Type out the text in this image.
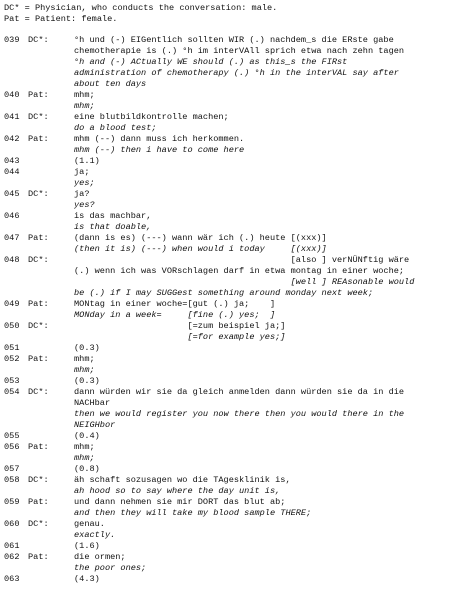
DC* = Physician, who conducts the conversation: male.
Pat = Patient: female.
039 DC*:	°h und (-) EIGentlich sollten WIR (.) nachdem_s die ERste gabe
chemotherapie is (.) °h im interVAll sprich etwa nach zehn tagen
°h and (-) ACtually WE should (.) as this_s the FIRst
administration of chemotherapy (.) °h in the interVAL say after
about ten days
040 Pat:	mhm;
mhm;
041 DC*:	eine blutbildkontrolle machen;
do a blood test;
042 Pat:	mhm (--) dann muss ich herkommen.
mhm (--) then i have to come here
043	(1.1)
044	ja;
yes;
045 DC*:	ja?
yes?
046	is das machbar,
is that doable,
047 Pat:	(dann is es) (---) wann wär ich (.) heute [(xxx)]
(then it is) (---) when would i today     [(xxx)]
048 DC*:	[also ] verNÜNftig wäre
(.) wenn ich was VORschlagen darf in etwa montag in einer woche;
[well ] REAsonable would
be (.) if I may SUGGest something around monday next week;
049 Pat:	MONtag in einer woche=[gut (.) ja;    ]
MONday in a week=     [fine (.) yes;  ]
050 DC*:	[=zum beispiel ja;]
[=for example yes;]
051	(0.3)
052 Pat:	mhm;
mhm;
053	(0.3)
054 DC*:	dann würden wir sie da gleich anmelden dann würden sie da in die
NACHbar
then we would register you now there then you would there in the
NEIGHbor
055	(0.4)
056 Pat:	mhm;
mhm;
057	(0.8)
058 DC*:	äh schaft sozusagen wo die TAgesklinik is,
ah hood so to say where the day unit is,
059 Pat:	und dann nehmen sie mir DORT das blut ab;
and then they will take my blood sample THERE;
060 DC*:	genau.
exactly.
061	(1.6)
062 Pat:	die ormen;
the poor ones;
063	(4.3)
